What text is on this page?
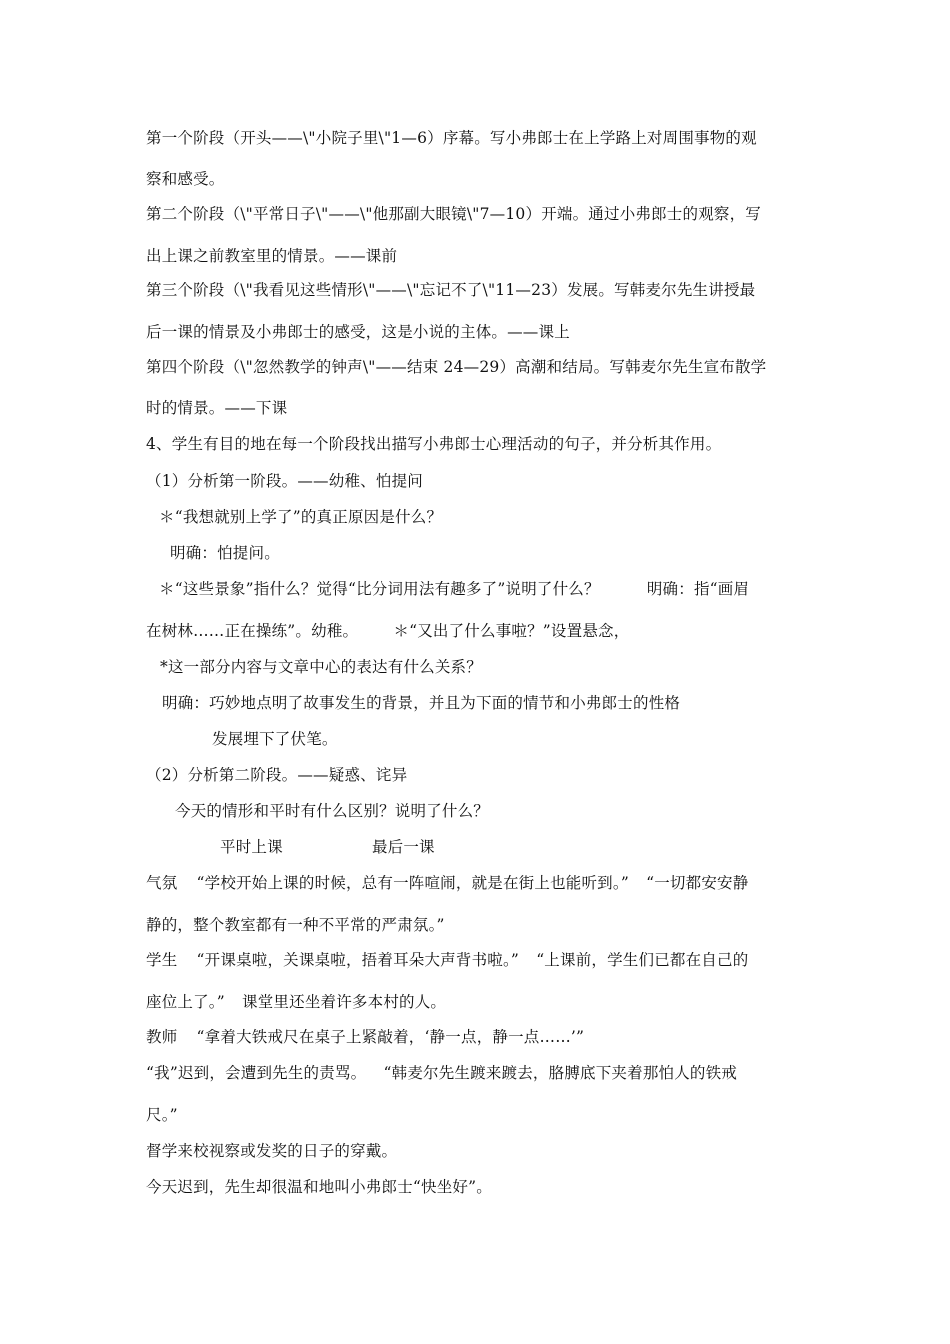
第一个阶段（开头——\"小院子里\"1—6）序幕。写小弗郎士在上学路上对周围事物的观
察和感受。
第二个阶段（\"平常日子\"——\"他那副大眼镜\"7—10）开端。通过小弗郎士的观察，写
出上课之前教室里的情景。——课前
第三个阶段（\"我看见这些情形\"——\"忘记不了\"11—23）发展。写韩麦尔先生讲授最
后一课的情景及小弗郎士的感受，这是小说的主体。——课上
第四个阶段（\"忽然教学的钟声\"——结束 24—29）高潮和结局。写韩麦尔先生宣布散学
时的情景。——下课
4、学生有目的地在每一个阶段找出描写小弗郎士心理活动的句子，并分析其作用。
（1）分析第一阶段。——幼稚、怕提问
＊“我想就别上学了”的真正原因是什么？
明确：怕提问。
＊“这些景象”指什么？觉得“比分词用法有趣多了”说明了什么？	明确：指“画眉
在树林……正在操练”。幼稚。 ＊“又出了什么事啦？”设置悬念，
*这一部分内容与文章中心的表达有什么关系？
明确：巧妙地点明了故事发生的背景，并且为下面的情节和小弗郎士的性格
发展埋下了伏笔。
（2）分析第二阶段。——疑惑、诧异
今天的情形和平时有什么区别？说明了什么？
平时上课	最后一课
气氛 “学校开始上课的时候，总有一阵喧闹，就是在街上也能听到。” “一切都安安静
静的，整个教室都有一种不平常的严肃氛。”
学生 “开课桌啦，关课桌啦，捂着耳朵大声背书啦。” “上课前，学生们已都在自己的
座位上了。” 课堂里还坐着许多本村的人。
教师 “拿着大铁戒尺在桌子上紧敲着，‘静一点，静一点……’”
“我”迟到，会遭到先生的责骂。 “韩麦尔先生踱来踱去，胳膊底下夹着那怕人的铁戒
尺。”
督学来校视察或发奖的日子的穿戴。
今天迟到，先生却很温和地叫小弗郎士“快坐好”。
